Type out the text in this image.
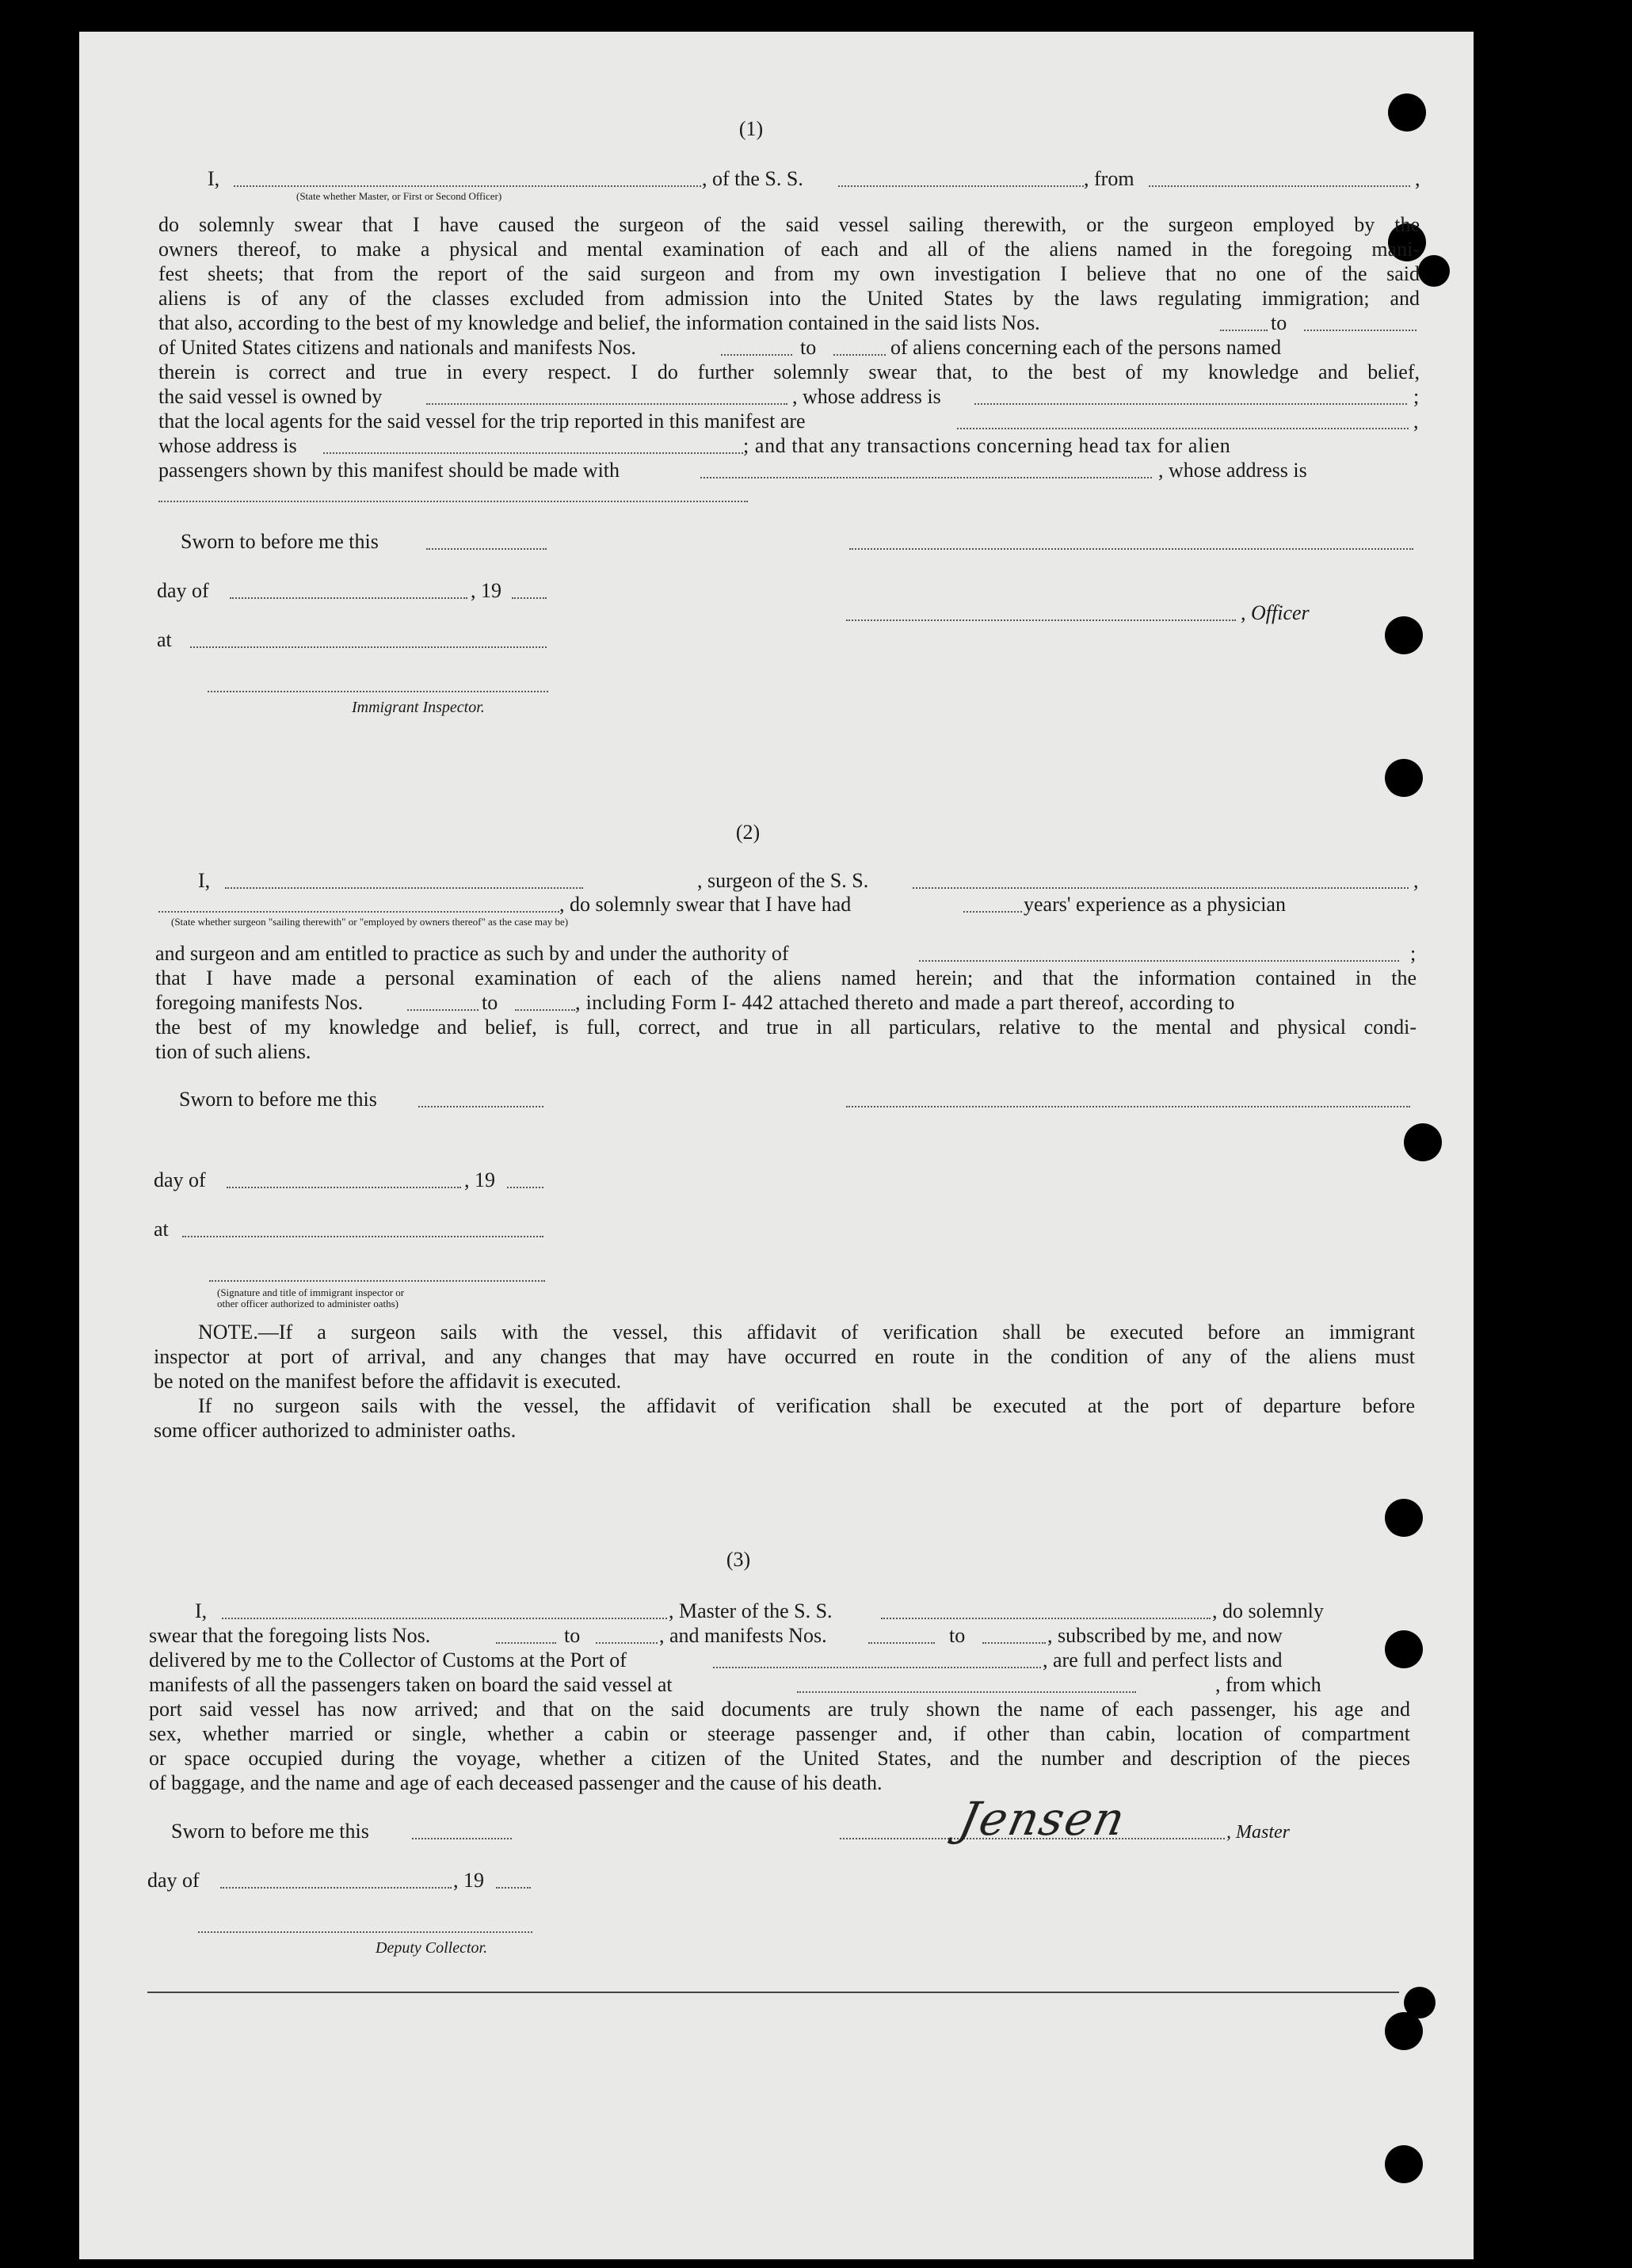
(1)
I,	, of the S. S.	, from	,
(State whether Master, or First or Second Officer)
do solemnly swear that I have caused the surgeon of the said vessel sailing therewith, or the surgeon employed by the
owners thereof, to make a physical and mental examination of each and all of the aliens named in the foregoing mani-
fest sheets; that from the report of the said surgeon and from my own investigation I believe that no one of the said
aliens is of any of the classes excluded from admission into the United States by the laws regulating immigration; and
that also, according to the best of my knowledge and belief, the information contained in the said lists Nos.	to
of United States citizens and nationals and manifests Nos.	to	of aliens concerning each of the persons named
therein is correct and true in every respect. I do further solemnly swear that, to the best of my knowledge and belief,
the said vessel is owned by	, whose address is	;
that the local agents for the said vessel for the trip reported in this manifest are	,
whose address is	; and that any transactions concerning head tax for alien
passengers shown by this manifest should be made with	, whose address is
Sworn to before me this
day of	, 19
at
, Officer
Immigrant Inspector.
(2)
I,	, surgeon of the S. S.	,
, do solemnly swear that I have had	years' experience as a physician
(State whether surgeon "sailing therewith" or "employed by owners thereof" as the case may be)
and surgeon and am entitled to practice as such by and under the authority of	;
that I have made a personal examination of each of the aliens named herein; and that the information contained in the
foregoing manifests Nos.	to	, including Form I- 442 attached thereto and made a part thereof, according to
the best of my knowledge and belief, is full, correct, and true in all particulars, relative to the mental and physical condi-
tion of such aliens.
Sworn to before me this
day of	, 19
at
(Signature and title of immigrant inspector or
other officer authorized to administer oaths)
NOTE.—If a surgeon sails with the vessel, this affidavit of verification shall be executed before an immigrant
inspector at port of arrival, and any changes that may have occurred en route in the condition of any of the aliens must
be noted on the manifest before the affidavit is executed.
If no surgeon sails with the vessel, the affidavit of verification shall be executed at the port of departure before
some officer authorized to administer oaths.
(3)
I,	, Master of the S. S.	, do solemnly
swear that the foregoing lists Nos.	to	, and manifests Nos.	to	, subscribed by me, and now
delivered by me to the Collector of Customs at the Port of	, are full and perfect lists and
manifests of all the passengers taken on board the said vessel at	, from which
port said vessel has now arrived; and that on the said documents are truly shown the name of each passenger, his age and
sex, whether married or single, whether a cabin or steerage passenger and, if other than cabin, location of compartment
or space occupied during the voyage, whether a citizen of the United States, and the number and description of the pieces
of baggage, and the name and age of each deceased passenger and the cause of his death.
Sworn to before me this	Jensen	, Master
day of	, 19
Deputy Collector.
